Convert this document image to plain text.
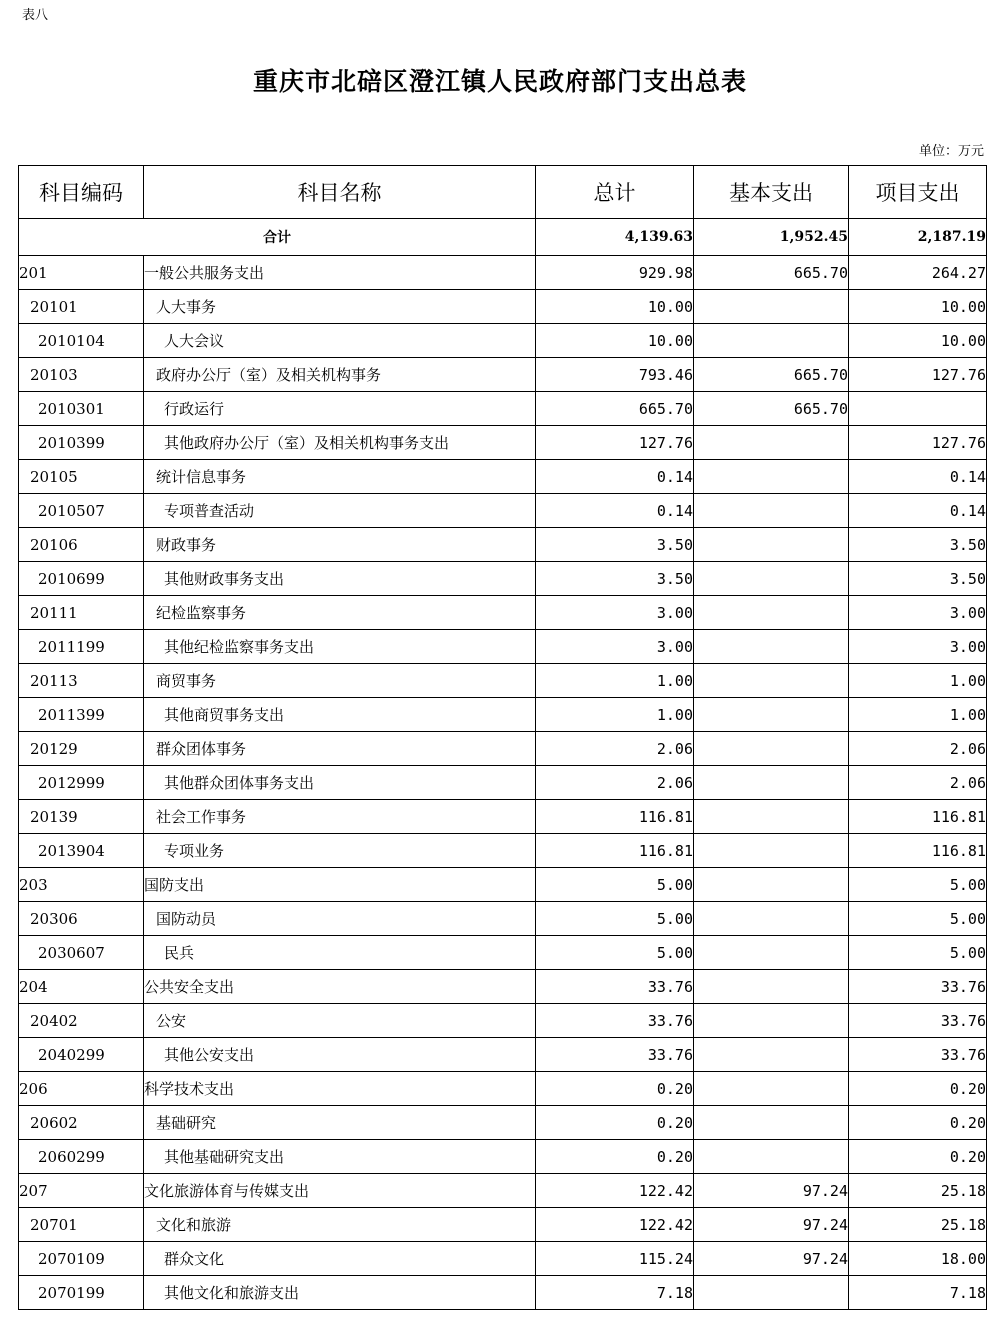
表八
重庆市北碚区澄江镇人民政府部门支出总表
单位：万元
科目编码	科目名称	总计	基本支出	项目支出
合计		4,139.63	1,952.45	2,187.19
201	一般公共服务支出	929.98	665.70	264.27
20101	人大事务	10.00		10.00
2010104	人大会议	10.00		10.00
20103	政府办公厅（室）及相关机构事务	793.46	665.70	127.76
2010301	行政运行	665.70	665.70	
2010399	其他政府办公厅（室）及相关机构事务支出	127.76		127.76
20105	统计信息事务	0.14		0.14
2010507	专项普查活动	0.14		0.14
20106	财政事务	3.50		3.50
2010699	其他财政事务支出	3.50		3.50
20111	纪检监察事务	3.00		3.00
2011199	其他纪检监察事务支出	3.00		3.00
20113	商贸事务	1.00		1.00
2011399	其他商贸事务支出	1.00		1.00
20129	群众团体事务	2.06		2.06
2012999	其他群众团体事务支出	2.06		2.06
20139	社会工作事务	116.81		116.81
2013904	专项业务	116.81		116.81
203	国防支出	5.00		5.00
20306	国防动员	5.00		5.00
2030607	民兵	5.00		5.00
204	公共安全支出	33.76		33.76
20402	公安	33.76		33.76
2040299	其他公安支出	33.76		33.76
206	科学技术支出	0.20		0.20
20602	基础研究	0.20		0.20
2060299	其他基础研究支出	0.20		0.20
207	文化旅游体育与传媒支出	122.42	97.24	25.18
20701	文化和旅游	122.42	97.24	25.18
2070109	群众文化	115.24	97.24	18.00
2070199	其他文化和旅游支出	7.18		7.18
